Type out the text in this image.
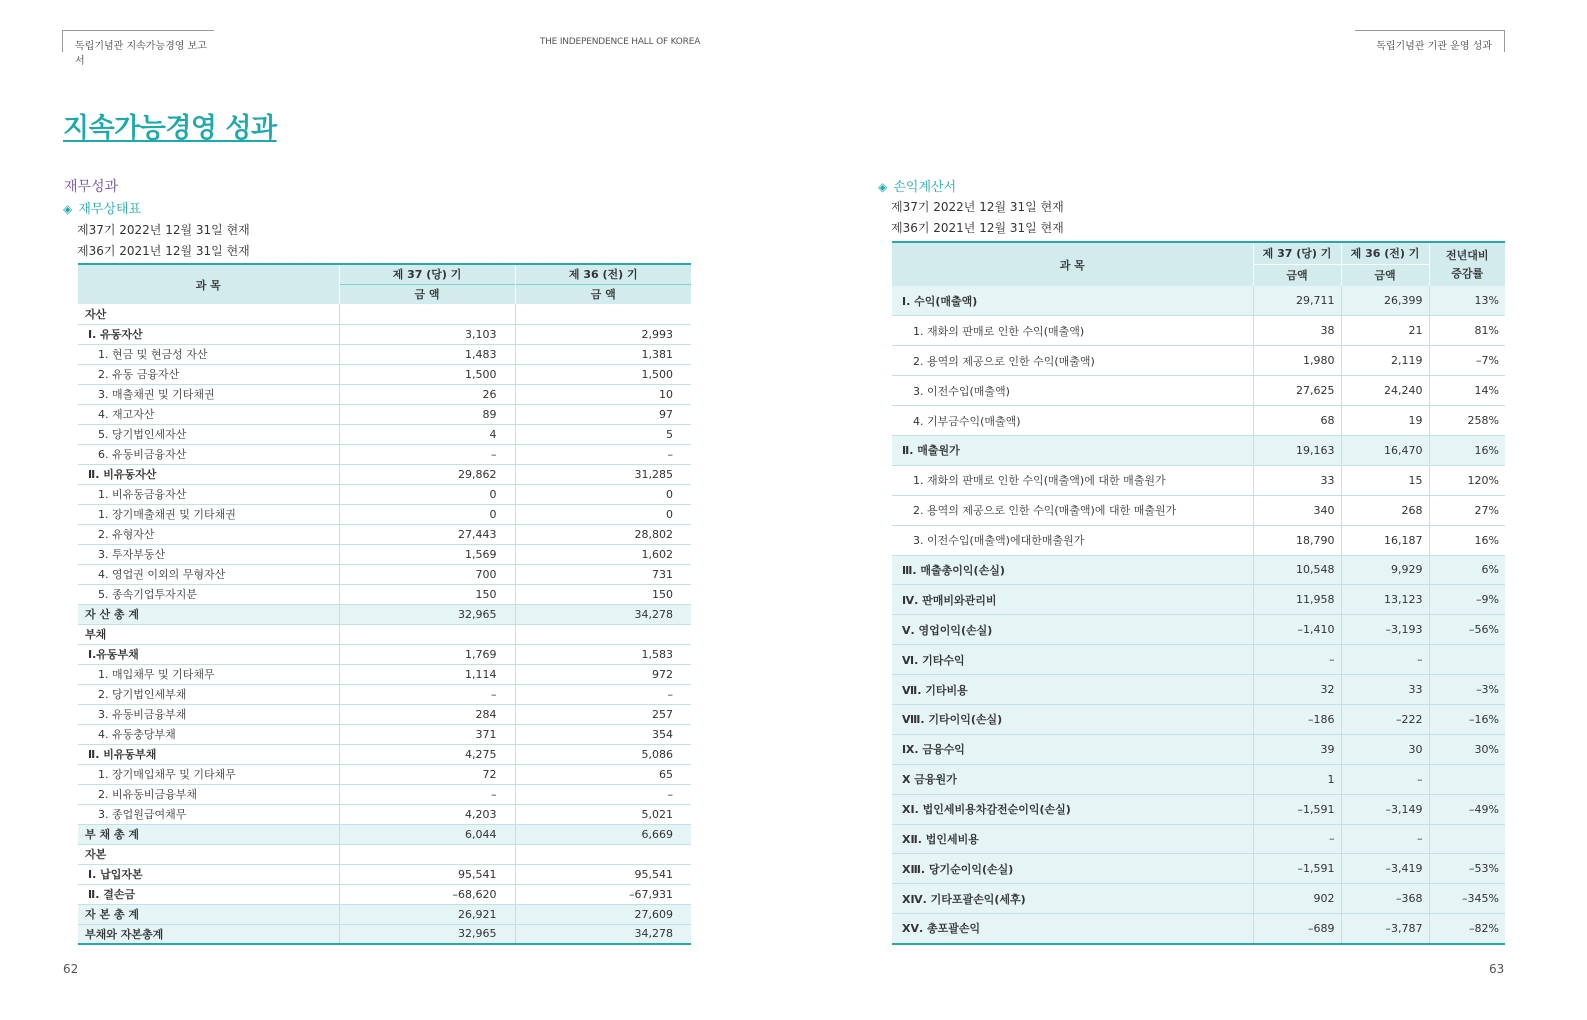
독립기념관 지속가능경영 보고서
THE INDEPENDENCE HALL OF KOREA	독립기념관 기관 운영 성과
지속가능경영 성과
재무성과
◈ 재무상태표
제37기 2022년 12월 31일 현재
제36기 2021년 12월 31일 현재
과 목	제 37 (당) 기	제 36 (전) 기
	금 액	금 액
자산		
Ⅰ. 유동자산	3,103	2,993
1. 현금 및 현금성 자산	1,483	1,381
2. 유동 금융자산	1,500	1,500
3. 매출채권 및 기타채권	26	10
4. 재고자산	89	97
5. 당기법인세자산	4	5
6. 유동비금융자산	–	–
Ⅱ. 비유동자산	29,862	31,285
1. 비유동금융자산	0	0
1. 장기매출채권 및 기타채권	0	0
2. 유형자산	27,443	28,802
3. 투자부동산	1,569	1,602
4. 영업권 이외의 무형자산	700	731
5. 종속기업투자지분	150	150
자 산 총 계	32,965	34,278
부채		
Ⅰ.유동부채	1,769	1,583
1. 매입채무 및 기타채무	1,114	972
2. 당기법인세부채	–	–
3. 유동비금융부채	284	257
4. 유동충당부채	371	354
Ⅱ. 비유동부채	4,275	5,086
1. 장기매입채무 및 기타채무	72	65
2. 비유동비금융부채	–	–
3. 종업원급여채무	4,203	5,021
부 채 총 계	6,044	6,669
자본		
Ⅰ. 납입자본	95,541	95,541
Ⅱ. 결손금	–68,620	–67,931
자 본 총 계	26,921	27,609
부채와 자본총계	32,965	34,278
◈ 손익계산서
제37기 2022년 12월 31일 현재
제36기 2021년 12월 31일 현재
과 목	제 37 (당) 기	제 36 (전) 기	전년대비
증감률
	금액	금액	
Ⅰ. 수익(매출액)	29,711	26,399	13%
1. 재화의 판매로 인한 수익(매출액)	38	21	81%
2. 용역의 제공으로 인한 수익(매출액)	1,980	2,119	–7%
3. 이전수입(매출액)	27,625	24,240	14%
4. 기부금수익(매출액)	68	19	258%
Ⅱ. 매출원가	19,163	16,470	16%
1. 재화의 판매로 인한 수익(매출액)에 대한 매출원가	33	15	120%
2. 용역의 제공으로 인한 수익(매출액)에 대한 매출원가	340	268	27%
3. 이전수입(매출액)에대한매출원가	18,790	16,187	16%
Ⅲ. 매출총이익(손실)	10,548	9,929	6%
Ⅳ. 판매비와관리비	11,958	13,123	–9%
Ⅴ. 영업이익(손실)	–1,410	–3,193	–56%
Ⅵ. 기타수익	–	–	
Ⅶ. 기타비용	32	33	–3%
Ⅷ. 기타이익(손실)	–186	–222	–16%
Ⅸ. 금융수익	39	30	30%
Ⅹ 금융원가	1	–	
ⅩⅠ. 법인세비용차감전순이익(손실)	–1,591	–3,149	–49%
ⅩⅡ. 법인세비용	–	–	
ⅩⅢ. 당기순이익(손실)	–1,591	–3,419	–53%
ⅩⅣ. 기타포괄손익(세후)	902	–368	–345%
ⅩⅤ. 총포괄손익	–689	–3,787	–82%
62	63
